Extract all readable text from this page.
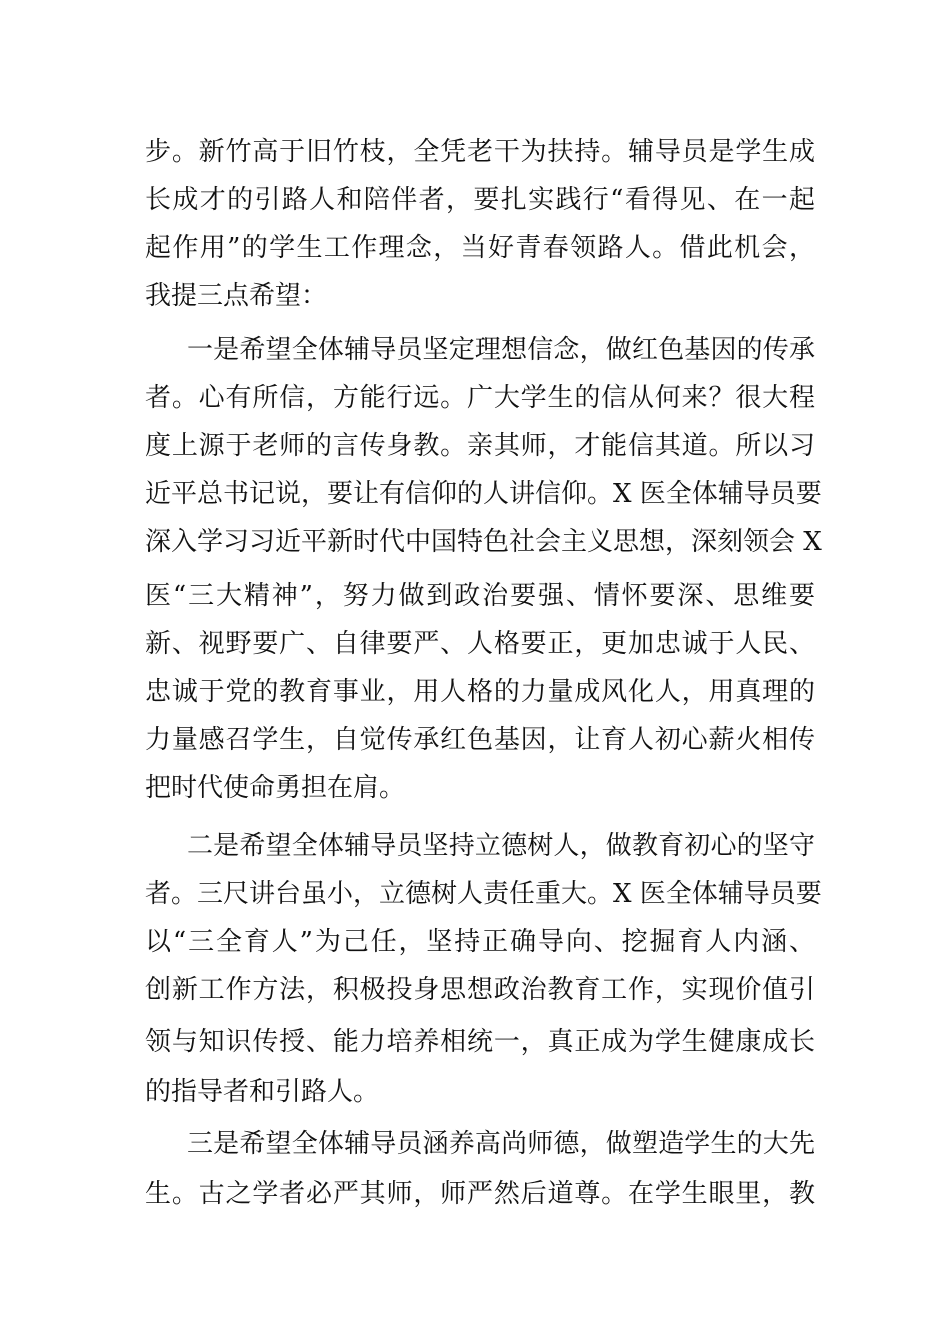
步。新竹高于旧竹枝，全凭老干为扶持。辅导员是学生成
长成才的引路人和陪伴者，要扎实践行“看得见、在一起
起作用”的学生工作理念，当好青春领路人。借此机会，
我提三点希望：
一是希望全体辅导员坚定理想信念，做红色基因的传承
者。心有所信，方能行远。广大学生的信从何来？很大程
度上源于老师的言传身教。亲其师，才能信其道。所以习
近平总书记说，要让有信仰的人讲信仰。X 医全体辅导员要
深入学习习近平新时代中国特色社会主义思想，深刻领会 X
医“三大精神”，努力做到政治要强、情怀要深、思维要
新、视野要广、自律要严、人格要正，更加忠诚于人民、
忠诚于党的教育事业，用人格的力量成风化人，用真理的
力量感召学生，自觉传承红色基因，让育人初心薪火相传
把时代使命勇担在肩。
二是希望全体辅导员坚持立德树人，做教育初心的坚守
者。三尺讲台虽小，立德树人责任重大。X 医全体辅导员要
以“三全育人”为己任，坚持正确导向、挖掘育人内涵、
创新工作方法，积极投身思想政治教育工作，实现价值引
领与知识传授、能力培养相统一，真正成为学生健康成长
的指导者和引路人。
三是希望全体辅导员涵养高尚师德，做塑造学生的大先
生。古之学者必严其师，师严然后道尊。在学生眼里，教
